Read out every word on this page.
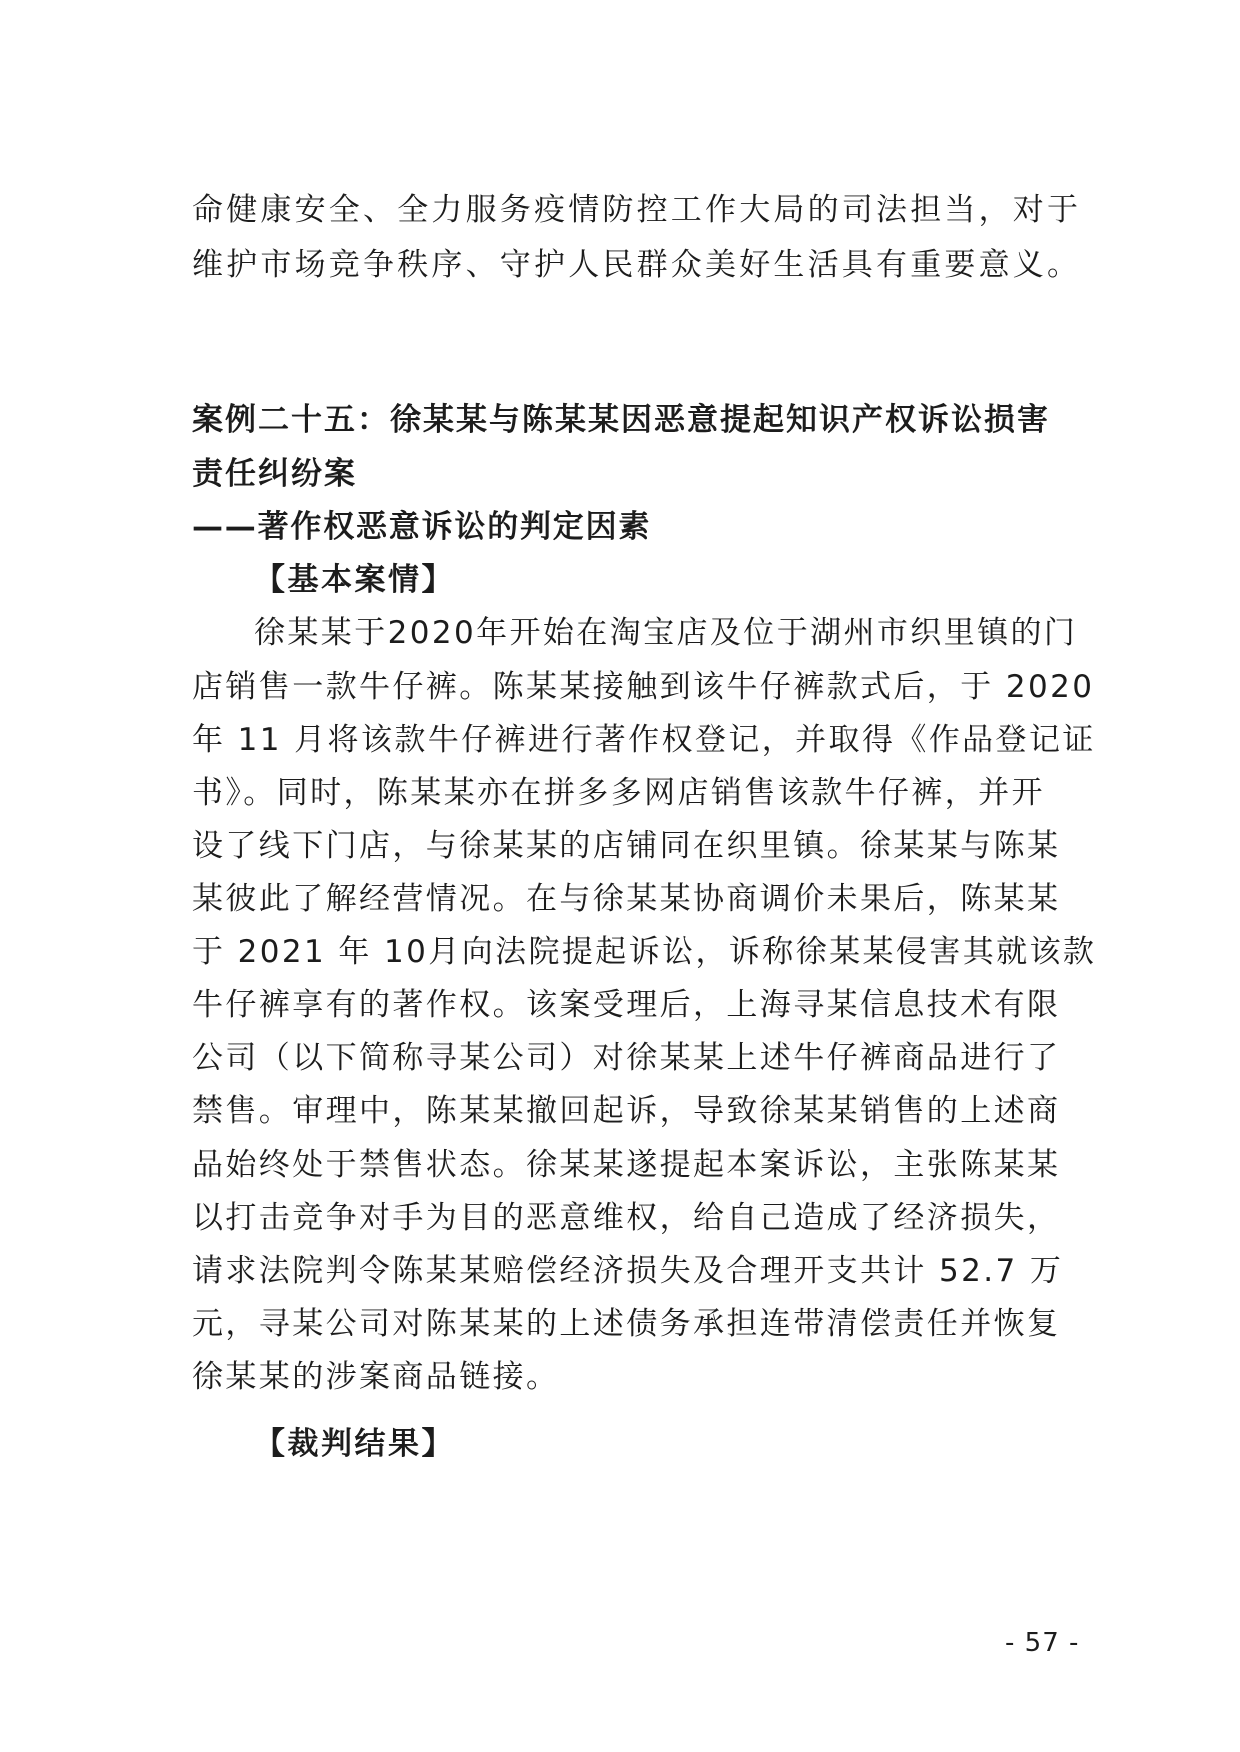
命健康安全、全力服务疫情防控工作大局的司法担当，对于
维护市场竞争秩序、守护人民群众美好生活具有重要意义。
案例二十五：徐某某与陈某某因恶意提起知识产权诉讼损害
责任纠纷案
——著作权恶意诉讼的判定因素
【基本案情】
徐某某于2020年开始在淘宝店及位于湖州市织里镇的门
店销售一款牛仔裤。陈某某接触到该牛仔裤款式后，于 2020
年 11 月将该款牛仔裤进行著作权登记，并取得《作品登记证
书》。同时，陈某某亦在拼多多网店销售该款牛仔裤，并开
设了线下门店，与徐某某的店铺同在织里镇。徐某某与陈某
某彼此了解经营情况。在与徐某某协商调价未果后，陈某某
于 2021 年 10月向法院提起诉讼，诉称徐某某侵害其就该款
牛仔裤享有的著作权。该案受理后，上海寻某信息技术有限
公司（以下简称寻某公司）对徐某某上述牛仔裤商品进行了
禁售。审理中，陈某某撤回起诉，导致徐某某销售的上述商
品始终处于禁售状态。徐某某遂提起本案诉讼，主张陈某某
以打击竞争对手为目的恶意维权，给自己造成了经济损失，
请求法院判令陈某某赔偿经济损失及合理开支共计 52.7 万
元，寻某公司对陈某某的上述债务承担连带清偿责任并恢复
徐某某的涉案商品链接。
【裁判结果】
- 57 -
